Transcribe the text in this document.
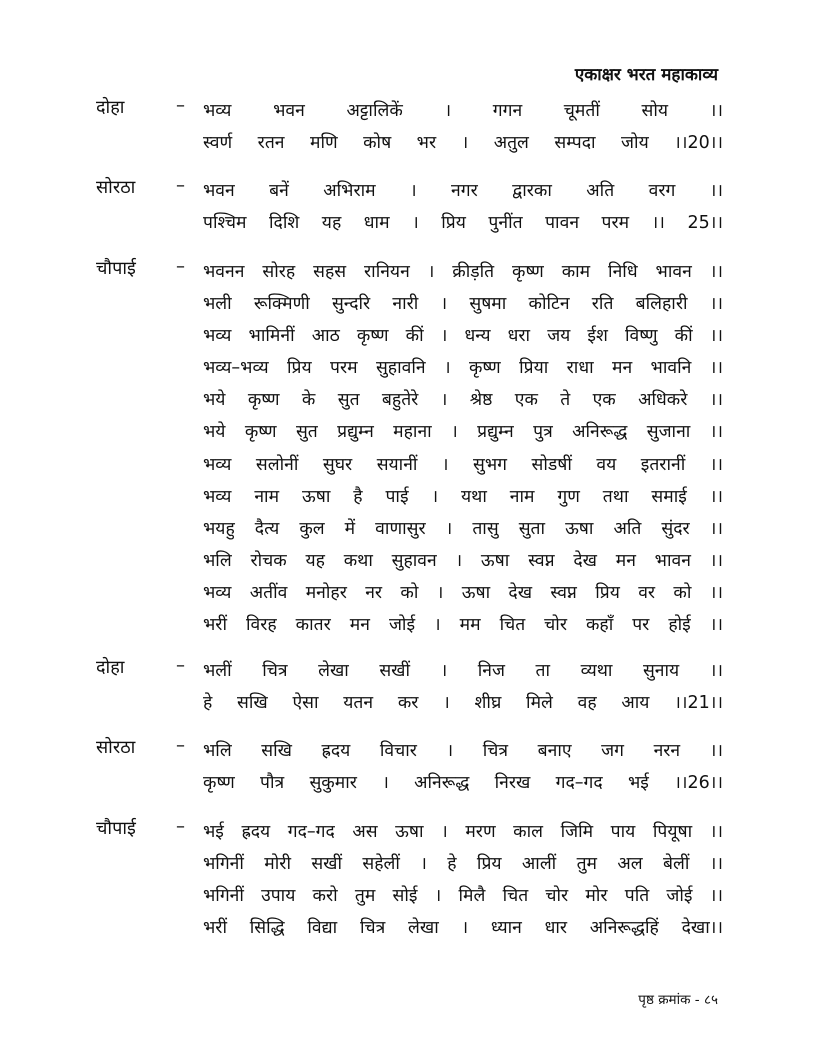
एकाक्षर भरत महाकाव्य
दोहा	– भव्य भवन अट्टालिकें । गगन चूमतीं सोय ।।
स्वर्ण रतन मणि कोष भर । अतुल सम्पदा जोय ।।20।।
सोरठा	– भवन बनें अभिराम । नगर द्वारका अति वरग ।।
पश्चिम दिशि यह धाम । प्रिय पुनींत पावन परम ।। 25।।
चौपाई	– भवनन सोरह सहस रानियन । क्रीड़ति कृष्ण काम निधि भावन ।।
भली रूक्मिणी सुन्दरि नारी । सुषमा कोटिन रति बलिहारी ।।
भव्य भामिनीं आठ कृष्ण कीं । धन्य धरा जय ईश विष्णु कीं ।।
भव्य–भव्य प्रिय परम सुहावनि । कृष्ण प्रिया राधा मन भावनि ।।
भये कृष्ण के सुत बहुतेरे । श्रेष्ठ एक ते एक अधिकरे ।।
भये कृष्ण सुत प्रद्युम्न महाना । प्रद्युम्न पुत्र अनिरूद्ध सुजाना ।।
भव्य सलोनीं सुघर सयानीं । सुभग सोडषीं वय इतरानीं ।।
भव्य नाम ऊषा है पाई । यथा नाम गुण तथा समाई ।।
भयहु दैत्य कुल में वाणासुर । तासु सुता ऊषा अति सुंदर ।।
भलि रोचक यह कथा सुहावन । ऊषा स्वप्न देख मन भावन ।।
भव्य अतींव मनोहर नर को । ऊषा देख स्वप्न प्रिय वर को ।।
भरीं विरह कातर मन जोई । मम चित चोर कहाँ पर होई ।।
दोहा	– भलीं चित्र लेखा सखीं । निज ता व्यथा सुनाय ।।
हे सखि ऐसा यतन कर । शीघ्र मिले वह आय ।।21।।
सोरठा	– भलि सखि ह्रदय विचार । चित्र बनाए जग नरन ।।
कृष्ण पौत्र सुकुमार । अनिरूद्ध निरख गद–गद भई ।।26।।
चौपाई	– भई ह्रदय गद–गद अस ऊषा । मरण काल जिमि पाय पियूषा ।।
भगिनीं मोरी सखीं सहेलीं । हे प्रिय आलीं तुम अल बेलीं ।।
भगिनीं उपाय करो तुम सोई । मिलै चित चोर मोर पति जोई ।।
भरीं सिद्धि विद्या चित्र लेखा । ध्यान धार अनिरूद्धहिं देखा।।
पृष्ठ क्रमांक - ८५
